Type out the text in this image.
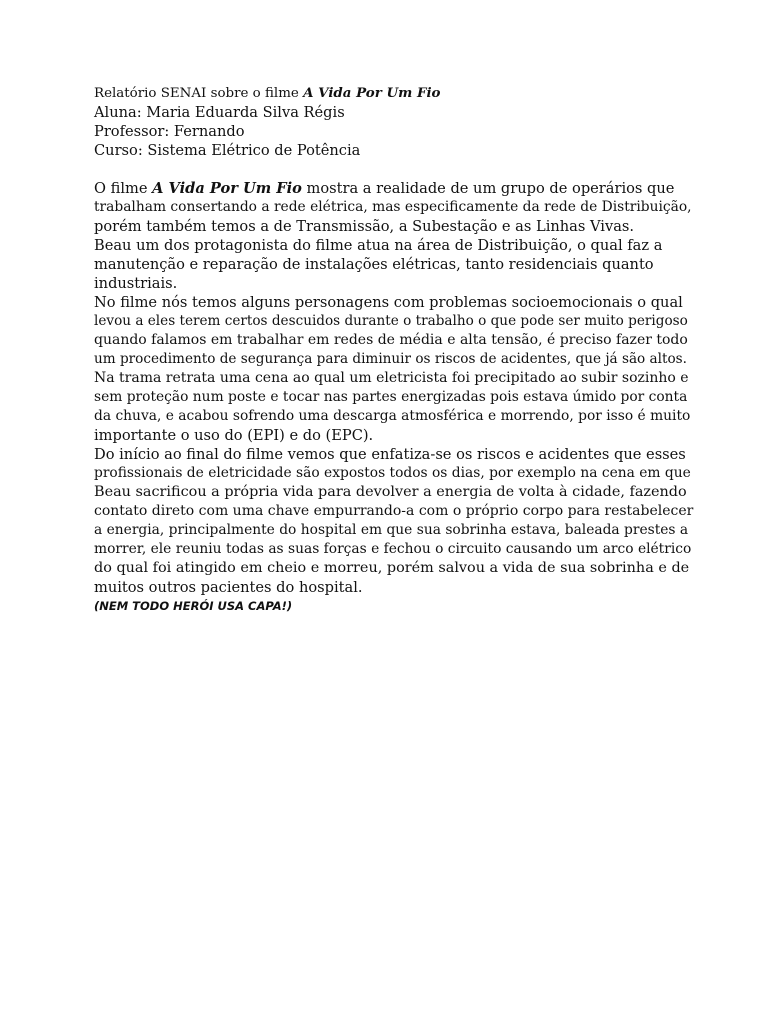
Relatório SENAI sobre o filme A Vida Por Um Fio
Aluna: Maria Eduarda Silva Régis
Professor: Fernando
Curso: Sistema Elétrico de Potência
O filme A Vida Por Um Fio mostra a realidade de um grupo de operários que
trabalham consertando a rede elétrica, mas especificamente da rede de Distribuição,
porém também temos a de Transmissão, a Subestação e as Linhas Vivas.
Beau um dos protagonista do filme atua na área de Distribuição, o qual faz a
manutenção e reparação de instalações elétricas, tanto residenciais quanto
industriais.
No filme nós temos alguns personagens com problemas socioemocionais o qual
levou a eles terem certos descuidos durante o trabalho o que pode ser muito perigoso
quando falamos em trabalhar em redes de média e alta tensão, é preciso fazer todo
um procedimento de segurança para diminuir os riscos de acidentes, que já são altos.
Na trama retrata uma cena ao qual um eletricista foi precipitado ao subir sozinho e
sem proteção num poste e tocar nas partes energizadas pois estava úmido por conta
da chuva, e acabou sofrendo uma descarga atmosférica e morrendo, por isso é muito
importante o uso do (EPI) e do (EPC).
Do início ao final do filme vemos que enfatiza-se os riscos e acidentes que esses
profissionais de eletricidade são expostos todos os dias, por exemplo na cena em que
Beau sacrificou a própria vida para devolver a energia de volta à cidade, fazendo
contato direto com uma chave empurrando-a com o próprio corpo para restabelecer
a energia, principalmente do hospital em que sua sobrinha estava, baleada prestes a
morrer, ele reuniu todas as suas forças e fechou o circuito causando um arco elétrico
do qual foi atingido em cheio e morreu, porém salvou a vida de sua sobrinha e de
muitos outros pacientes do hospital.
(NEM TODO HERÓI USA CAPA!)
